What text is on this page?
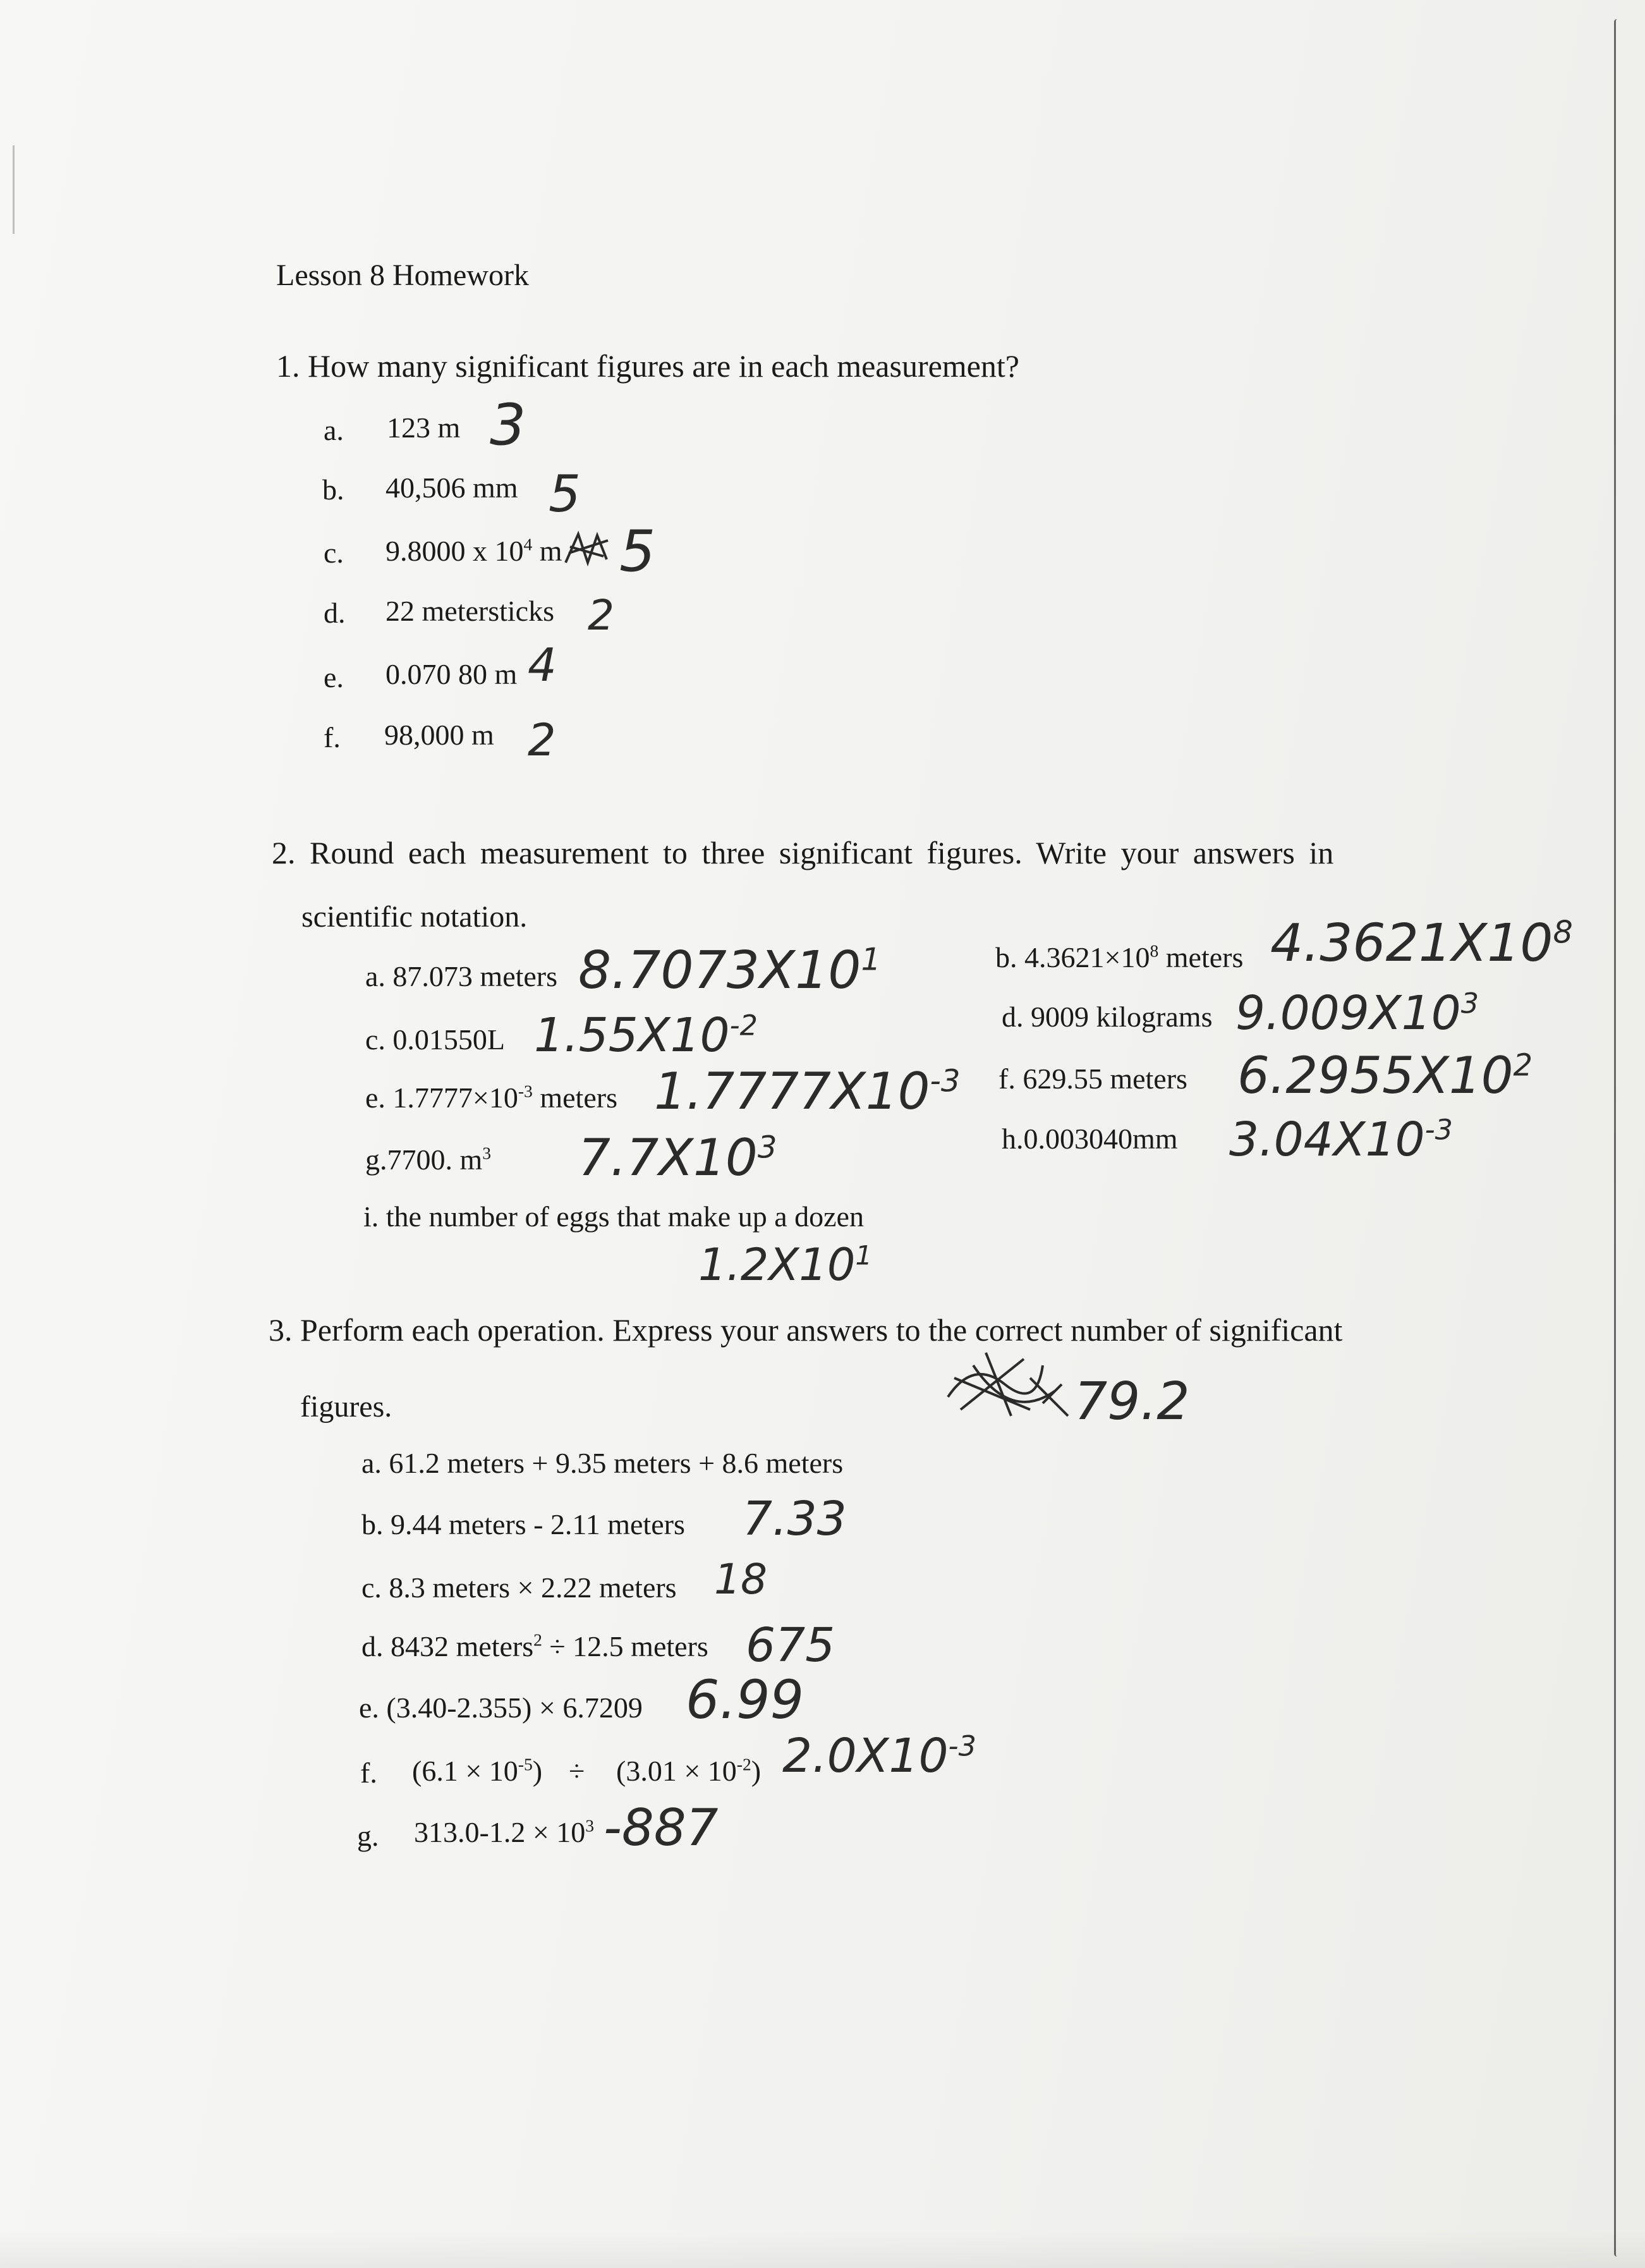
Lesson 8 Homework
1. How many significant figures are in each measurement?
a. 123 m 3
b. 40,506 mm 5
c. 9.8000 x $10^4$ m 5
d. 22 metersticks 2
e. 0.070 80 m 4
f. 98,000 m 2
2. Round each measurement to three significant figures. Write your answers in
scientific notation.
a. 87.073 meters $8.7073X10^1$
c. 0.01550L $1.55X10^{-2}$
e. $1.7777\times 10^{-3}$ meters $1.7777X10^{-3}$
g.7700. $m^3$ $7.7X10^3$
b. $4.3621\times 10^8$ meters $4.3621X10^8$
d. 9009 kilograms $9.009X10^3$
f. 629.55 meters $6.2955X10^2$
h.0.003040mm $3.04X10^{-3}$
i. the number of eggs that make up a dozen
$1.2X10^1$
3. Perform each operation. Express your answers to the correct number of significant
figures.	79.2
a. 61.2 meters + 9.35 meters + 8.6 meters
b. 9.44 meters - 2.11 meters 7.33
c. 8.3 meters × 2.22 meters 18
d. 8432 meters$^2$ ÷ 12.5 meters 675
e. (3.40-2.355) × 6.7209 6.99
f. $(6.1 \times 10^{-5}) \div (3.01 \times 10^{-2})$ $2.0X10^{-3}$
g. $313.0-1.2 \times 10^3$ -887
